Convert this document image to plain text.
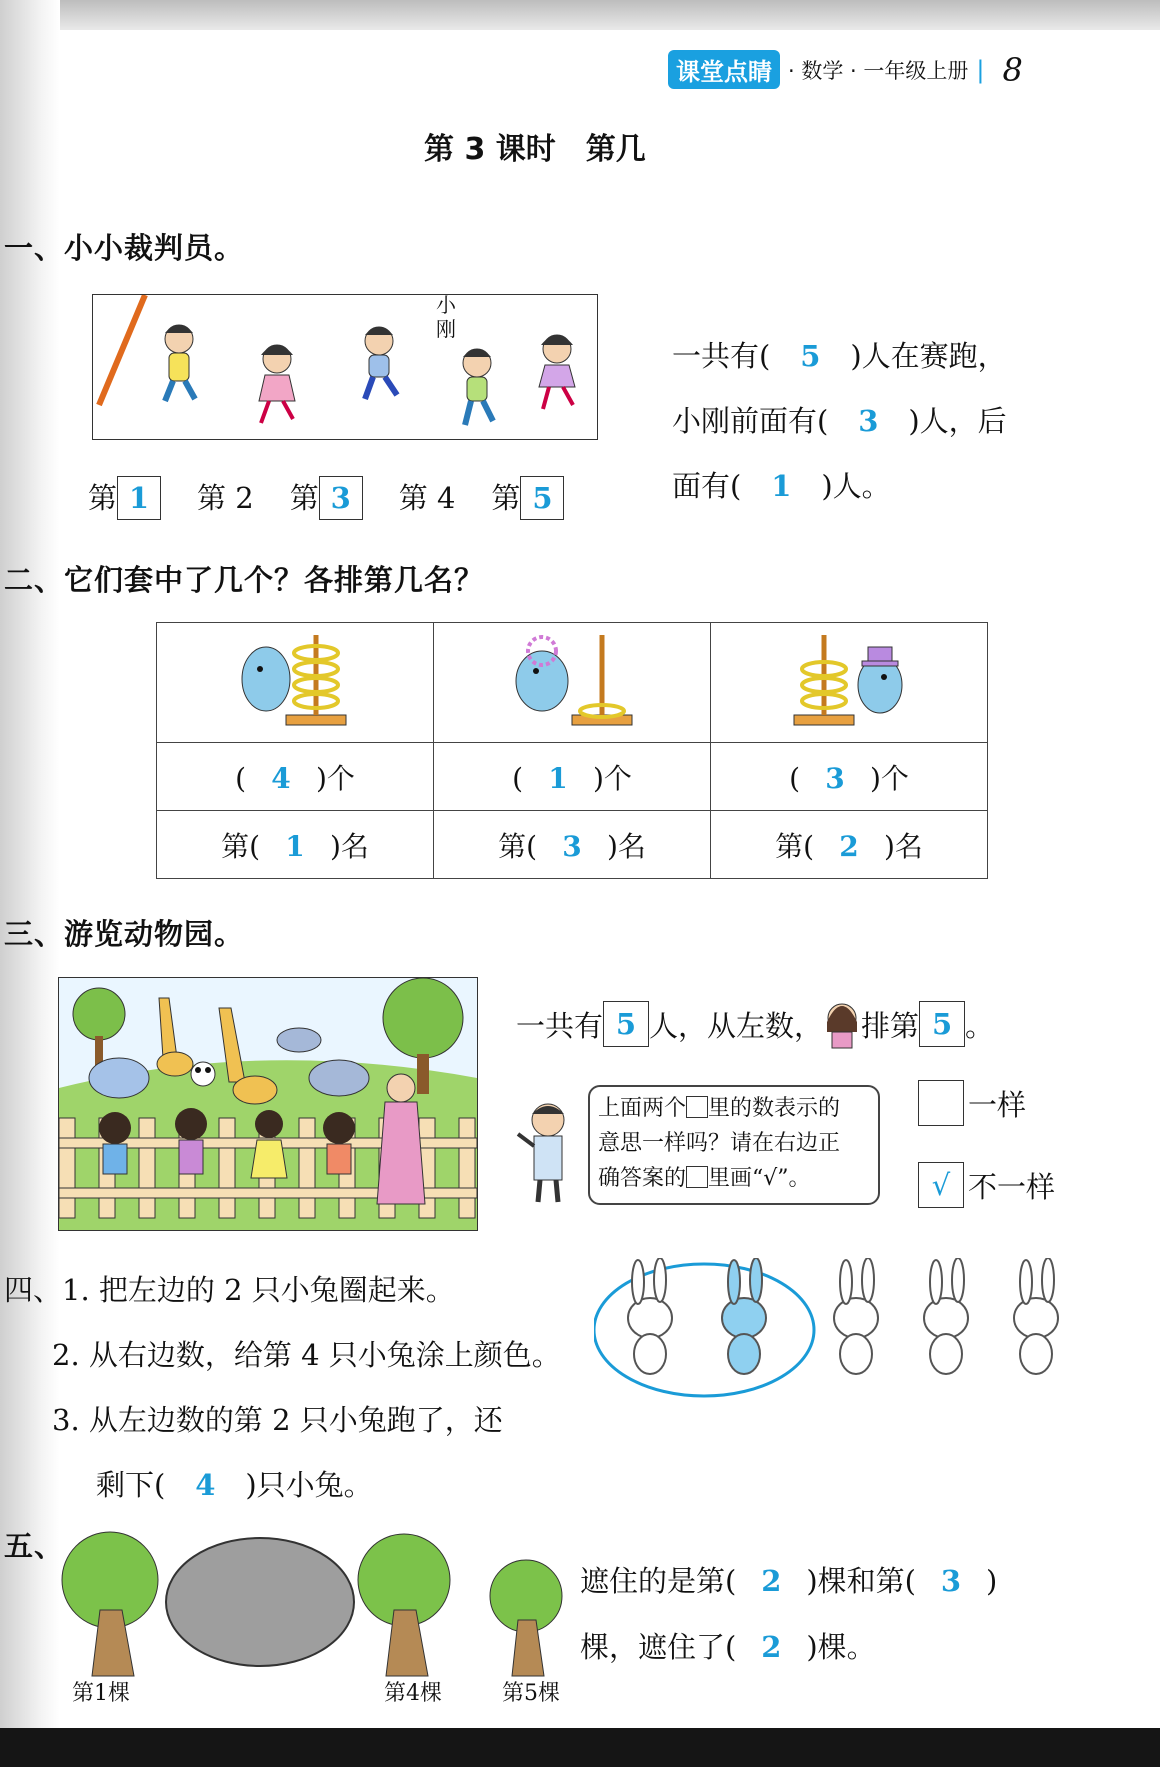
课堂点睛 · 数学 · 一年级上册 | 8
第 3 课时　第几
一、小小裁判员。
小
刚
第 1	第 2 第 3	第 4 第 5
一共有( 5 )人在赛跑，
小刚前面有( 3 )人，后
面有( 1 )人。
二、它们套中了几个？各排第几名？

( 4 )个	( 1 )个	( 3 )个
第( 1 )名	第( 3 )名	第( 2 )名
三、游览动物园。
一共有 5 人，从左数， 排第 5 。
上面两个 里的数表示的
意思一样吗？请在右边正
确答案的 里画“√”。
一样
√ 不一样
四、1. 把左边的 2 只小兔圈起来。
2. 从右边数，给第 4 只小兔涂上颜色。
3. 从左边数的第 2 只小兔跑了，还
剩下( 4 )只小兔。
五、
第1棵	第4棵	第5棵
遮住的是第( 2 )棵和第( 3 )
棵，遮住了( 2 )棵。
